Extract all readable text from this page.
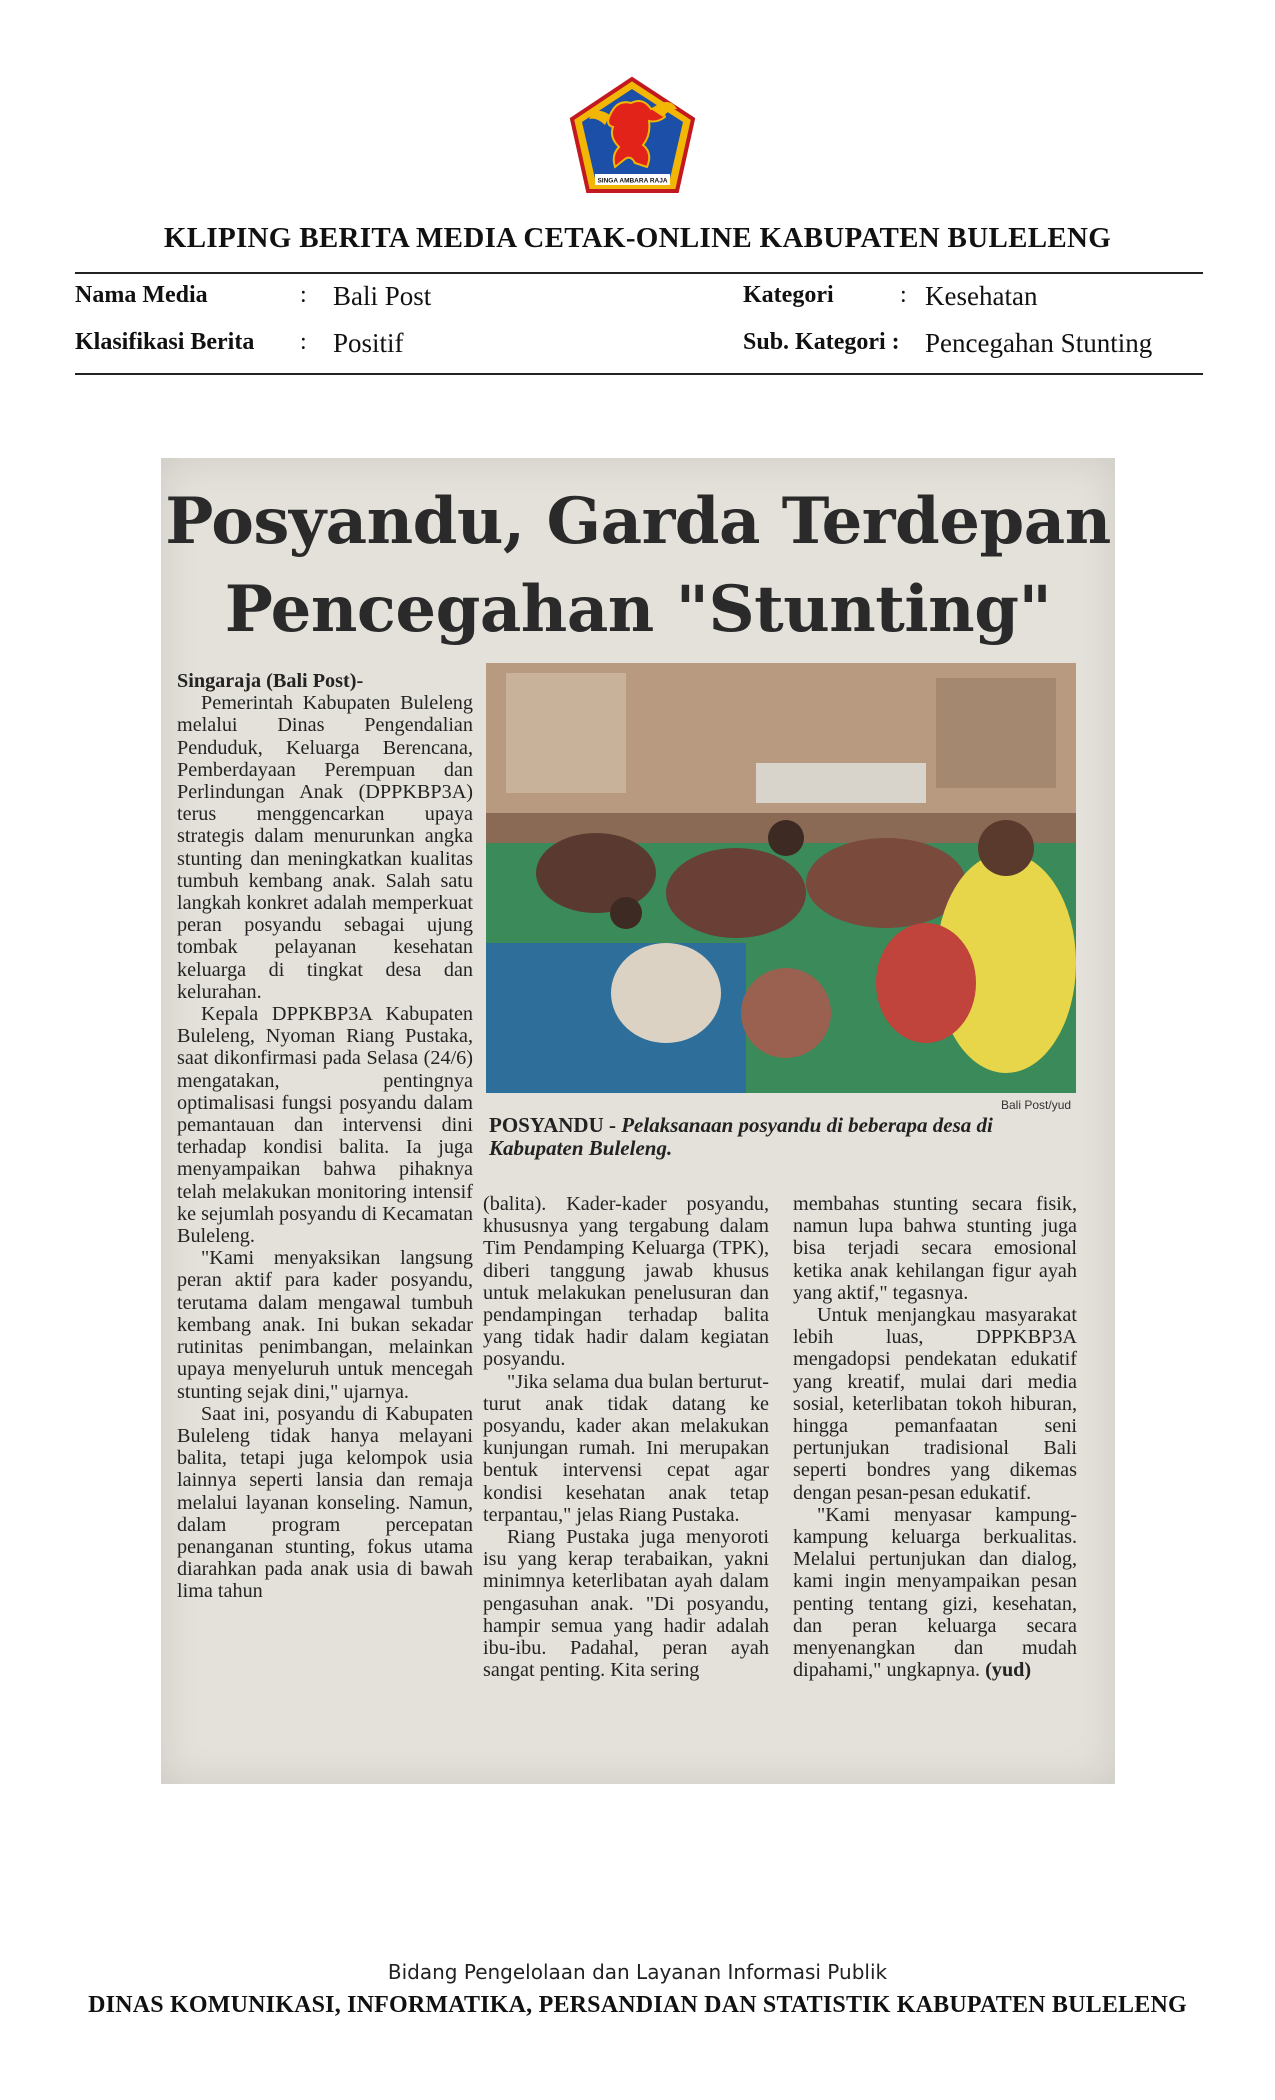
SINGA AMBARA RAJA
KLIPING BERITA MEDIA CETAK-ONLINE KABUPATEN BULELENG
Nama Media	: Bali Post	Kategori	: Kesehatan
Klasifikasi Berita : Positif	Sub. Kategori : Pencegahan Stunting
Posyandu, Garda Terdepan
Pencegahan "Stunting"

Singaraja (Bali Post)-

Pemerintah Kabupaten Buleleng melalui Dinas Pengendalian Penduduk, Keluarga Berencana, Pemberdayaan Perempuan dan Perlindungan Anak (DPPKBP3A) terus menggencarkan upaya strategis dalam menurunkan angka stunting dan meningkatkan kualitas tumbuh kembang anak. Salah satu langkah konkret adalah memperkuat peran posyandu sebagai ujung tombak pelayanan kesehatan keluarga di tingkat desa dan kelurahan.

Kepala DPPKBP3A Kabupaten Buleleng, Nyoman Riang Pustaka, saat dikonfirmasi pada Selasa (24/6) mengatakan, pentingnya optimalisasi fungsi posyandu dalam pemantauan dan intervensi dini terhadap kondisi balita. Ia juga menyampaikan bahwa pihaknya telah melakukan monitoring intensif ke sejumlah posyandu di Kecamatan Buleleng.

"Kami menyaksikan langsung peran aktif para kader posyandu, terutama dalam mengawal tumbuh kembang anak. Ini bukan sekadar rutinitas penimbangan, melainkan upaya menyeluruh untuk mencegah stunting sejak dini," ujarnya.

Saat ini, posyandu di Kabupaten Buleleng tidak hanya melayani balita, tetapi juga kelompok usia lainnya seperti lansia dan remaja melalui layanan konseling. Namun, dalam program percepatan penanganan stunting, fokus utama diarahkan pada anak usia di bawah lima tahun

Bali Post/yud
POSYANDU - Pelaksanaan posyandu di beberapa desa di Kabupaten Buleleng.

(balita). Kader-kader posyandu, khususnya yang tergabung dalam Tim Pendamping Keluarga (TPK), diberi tanggung jawab khusus untuk melakukan penelusuran dan pendampingan terhadap balita yang tidak hadir dalam kegiatan posyandu.

"Jika selama dua bulan berturut-turut anak tidak datang ke posyandu, kader akan melakukan kunjungan rumah. Ini merupakan bentuk intervensi cepat agar kondisi kesehatan anak tetap terpantau," jelas Riang Pustaka.

Riang Pustaka juga menyoroti isu yang kerap terabaikan, yakni minimnya keterlibatan ayah dalam pengasuhan anak. "Di posyandu, hampir semua yang hadir adalah ibu-ibu. Padahal, peran ayah sangat penting. Kita sering

membahas stunting secara fisik, namun lupa bahwa stunting juga bisa terjadi secara emosional ketika anak kehilangan figur ayah yang aktif," tegasnya.

Untuk menjangkau masyarakat lebih luas, DPPKBP3A mengadopsi pendekatan edukatif yang kreatif, mulai dari media sosial, keterlibatan tokoh hiburan, hingga pemanfaatan seni pertunjukan tradisional Bali seperti bondres yang dikemas dengan pesan-pesan edukatif.

"Kami menyasar kampung-kampung keluarga berkualitas. Melalui pertunjukan dan dialog, kami ingin menyampaikan pesan penting tentang gizi, kesehatan, dan peran keluarga secara menyenangkan dan mudah dipahami," ungkapnya. (yud)

Bidang Pengelolaan dan Layanan Informasi Publik
DINAS KOMUNIKASI, INFORMATIKA, PERSANDIAN DAN STATISTIK KABUPATEN BULELENG
